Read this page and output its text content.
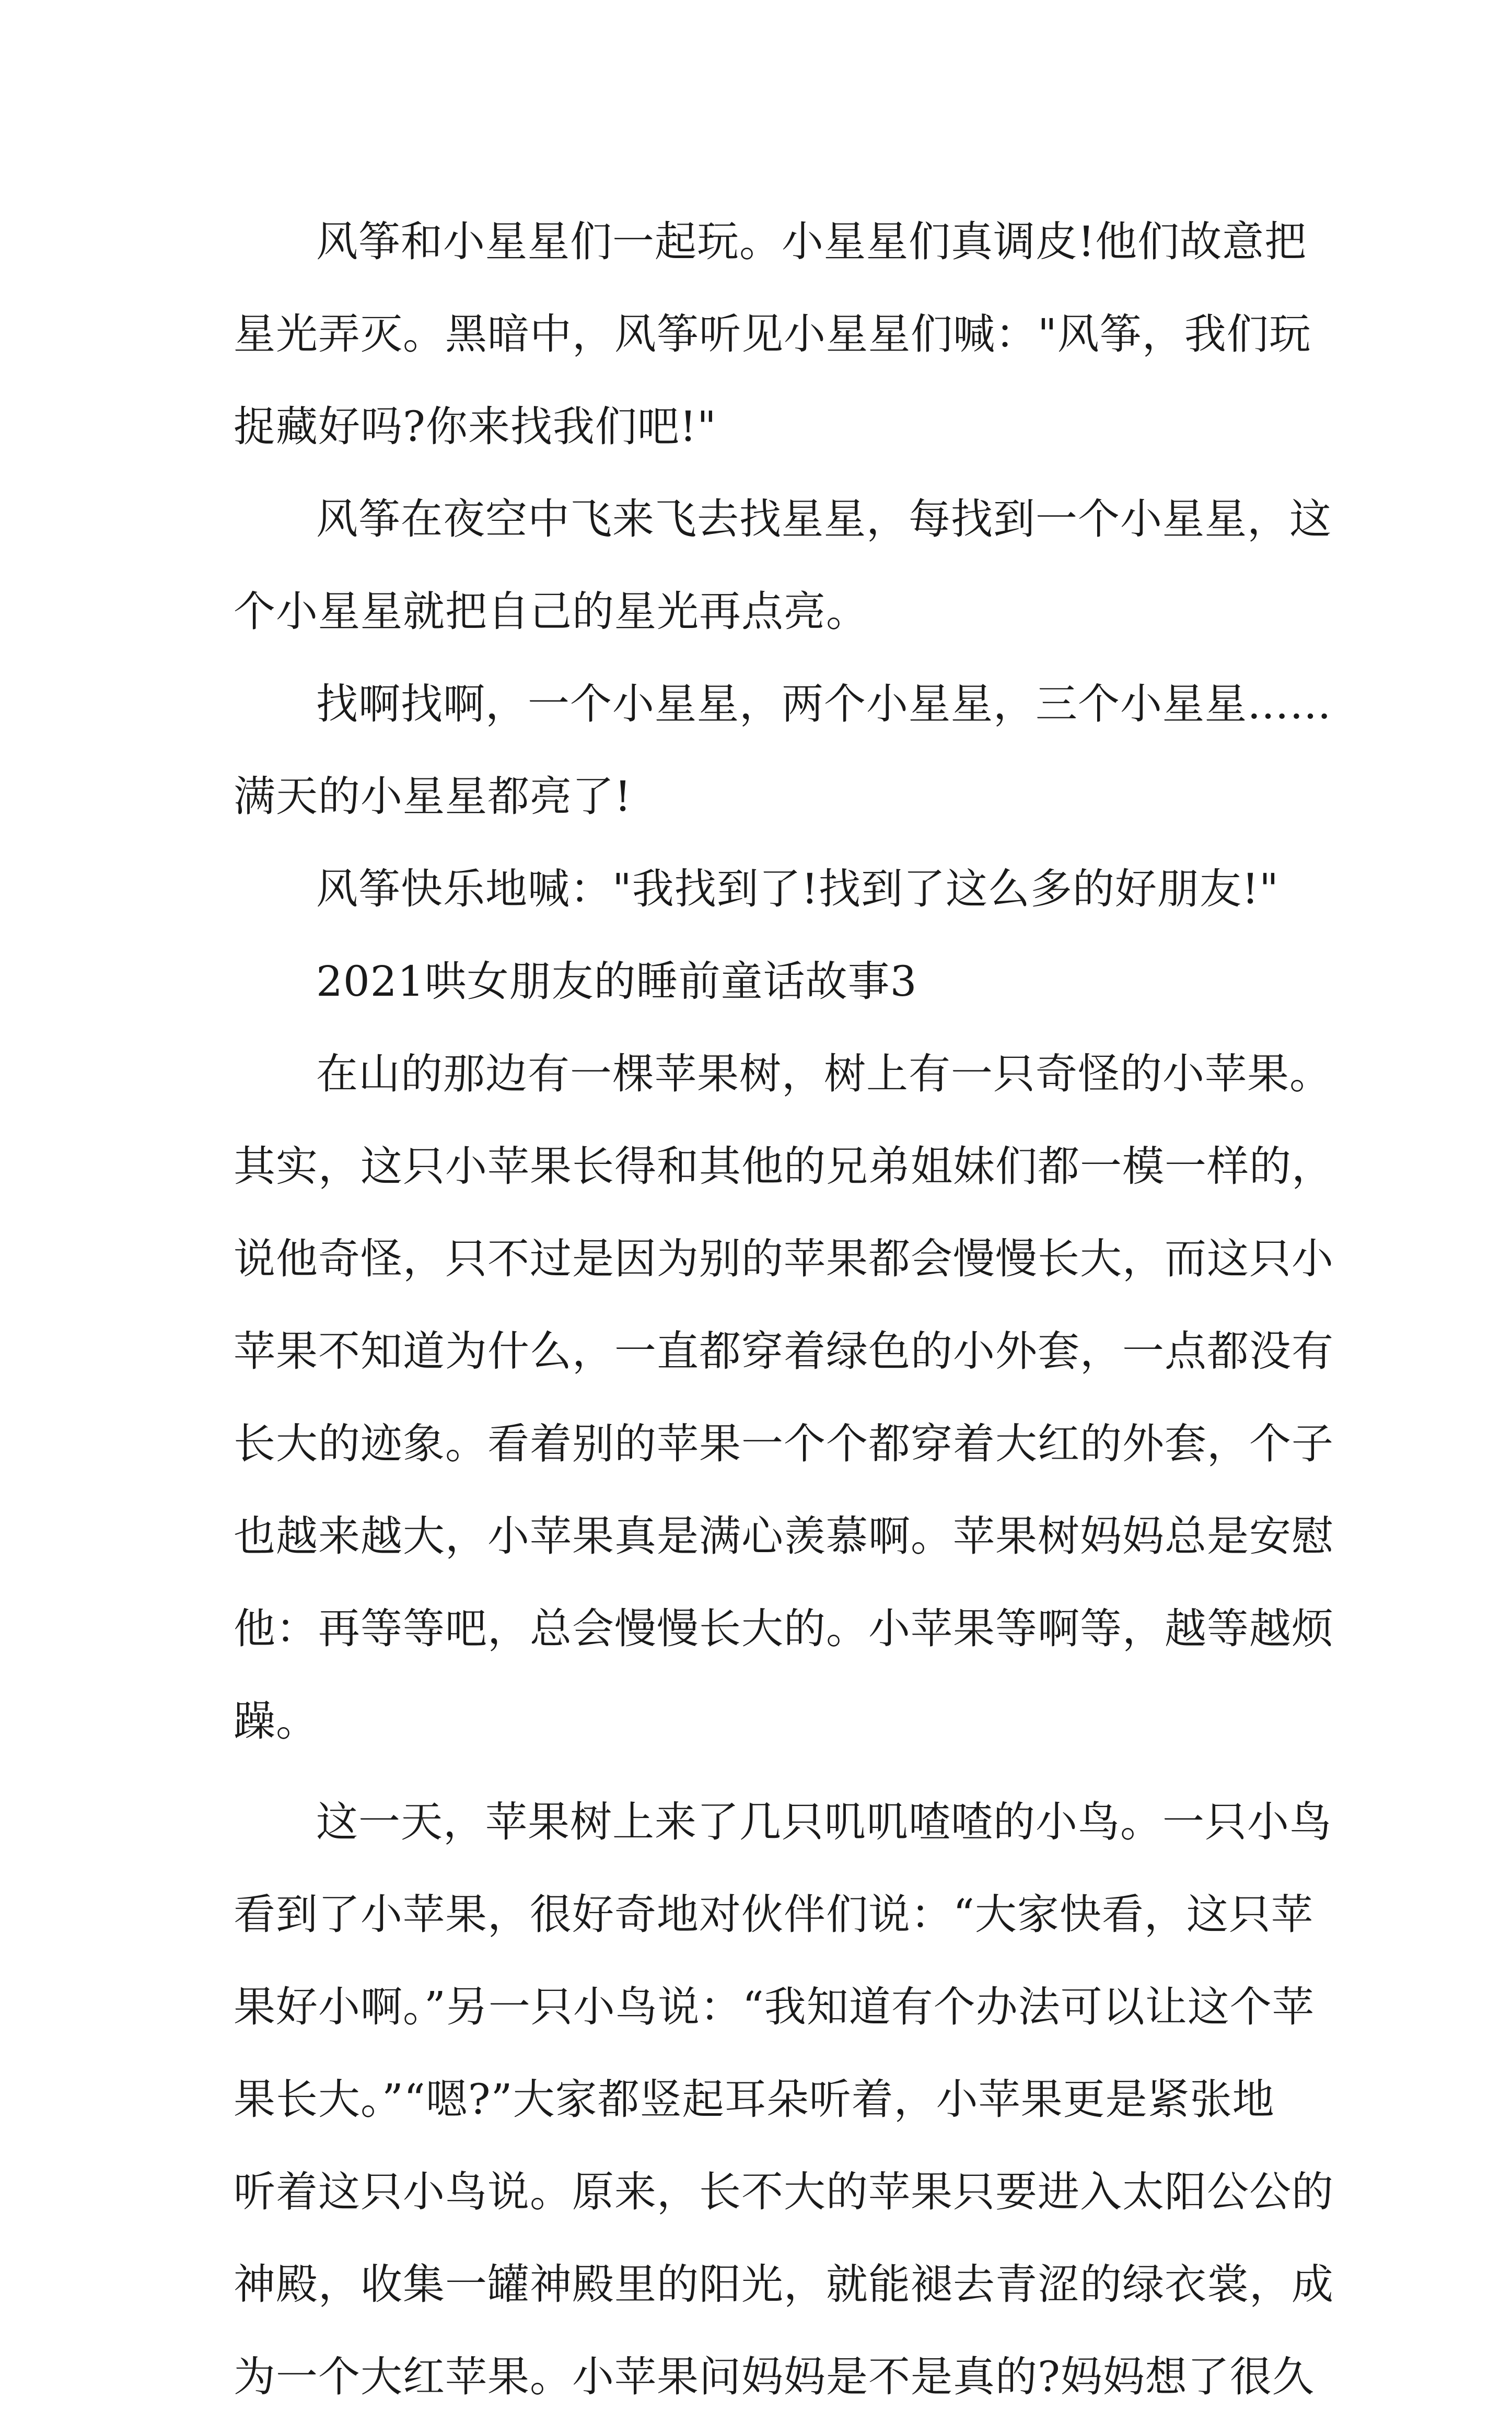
风筝和小星星们一起玩。小星星们真调皮!他们故意把
星光弄灭。黑暗中，风筝听见小星星们喊："风筝，我们玩
捉藏好吗?你来找我们吧!"
风筝在夜空中飞来飞去找星星，每找到一个小星星，这
个小星星就把自己的星光再点亮。
找啊找啊，一个小星星，两个小星星，三个小星星……
满天的小星星都亮了!
风筝快乐地喊："我找到了!找到了这么多的好朋友!"
2021哄女朋友的睡前童话故事3
在山的那边有一棵苹果树，树上有一只奇怪的小苹果。
其实，这只小苹果长得和其他的兄弟姐妹们都一模一样的，
说他奇怪，只不过是因为别的苹果都会慢慢长大，而这只小
苹果不知道为什么，一直都穿着绿色的小外套，一点都没有
长大的迹象。看着别的苹果一个个都穿着大红的外套，个子
也越来越大，小苹果真是满心羡慕啊。苹果树妈妈总是安慰
他：再等等吧，总会慢慢长大的。小苹果等啊等，越等越烦
躁。
这一天，苹果树上来了几只叽叽喳喳的小鸟。一只小鸟
看到了小苹果，很好奇地对伙伴们说：“大家快看，这只苹
果好小啊。”另一只小鸟说：“我知道有个办法可以让这个苹
果长大。”“嗯?”大家都竖起耳朵听着，小苹果更是紧张地
听着这只小鸟说。原来，长不大的苹果只要进入太阳公公的
神殿，收集一罐神殿里的阳光，就能褪去青涩的绿衣裳，成
为一个大红苹果。小苹果问妈妈是不是真的?妈妈想了很久
